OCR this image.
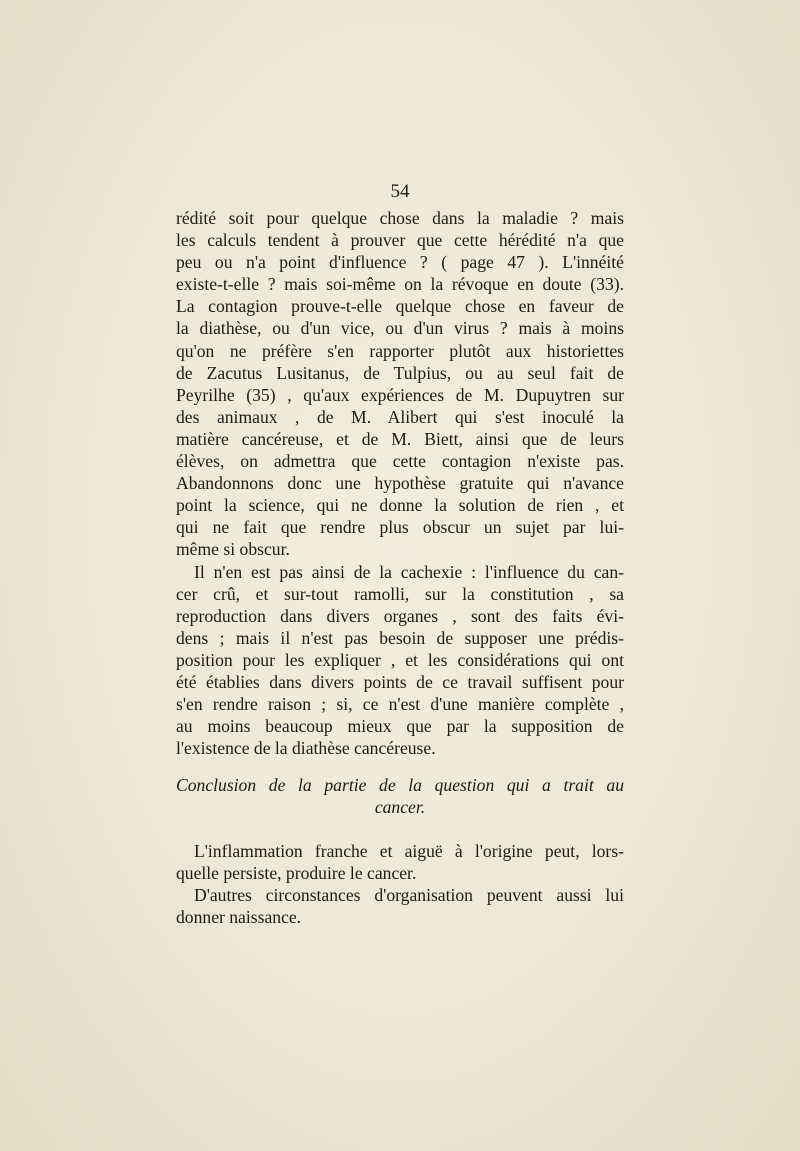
54

rédité soit pour quelque chose dans la maladie ? mais
les calculs tendent à prouver que cette hérédité n'a que
peu ou n'a point d'influence ? ( page 47 ). L'innéité
existe-t-elle ? mais soi-même on la révoque en doute (33).
La contagion prouve-t-elle quelque chose en faveur de
la diathèse, ou d'un vice, ou d'un virus ? mais à moins
qu'on ne préfère s'en rapporter plutôt aux historiettes
de Zacutus Lusitanus, de Tulpius, ou au seul fait de
Peyrilhe (35) , qu'aux expériences de M. Dupuytren sur
des animaux , de M. Alibert qui s'est inoculé la
matière cancéreuse, et de M. Biett, ainsi que de leurs
élèves, on admettra que cette contagion n'existe pas.
Abandonnons donc une hypothèse gratuite qui n'avance
point la science, qui ne donne la solution de rien , et
qui ne fait que rendre plus obscur un sujet par lui-
même si obscur.

Il n'en est pas ainsi de la cachexie : l'influence du can-
cer crû, et sur-tout ramolli, sur la constitution , sa
reproduction dans divers organes , sont des faits évi-
dens ; mais il n'est pas besoin de supposer une prédis-
position pour les expliquer , et les considérations qui ont
été établies dans divers points de ce travail suffisent pour
s'en rendre raison ; si, ce n'est d'une manière complète ,
au moins beaucoup mieux que par la supposition de
l'existence de la diathèse cancéreuse.

Conclusion de la partie de la question qui a trait au
cancer.

L'inflammation franche et aiguë à l'origine peut, lors-
quelle persiste, produire le cancer.

D'autres circonstances d'organisation peuvent aussi lui
donner naissance.
